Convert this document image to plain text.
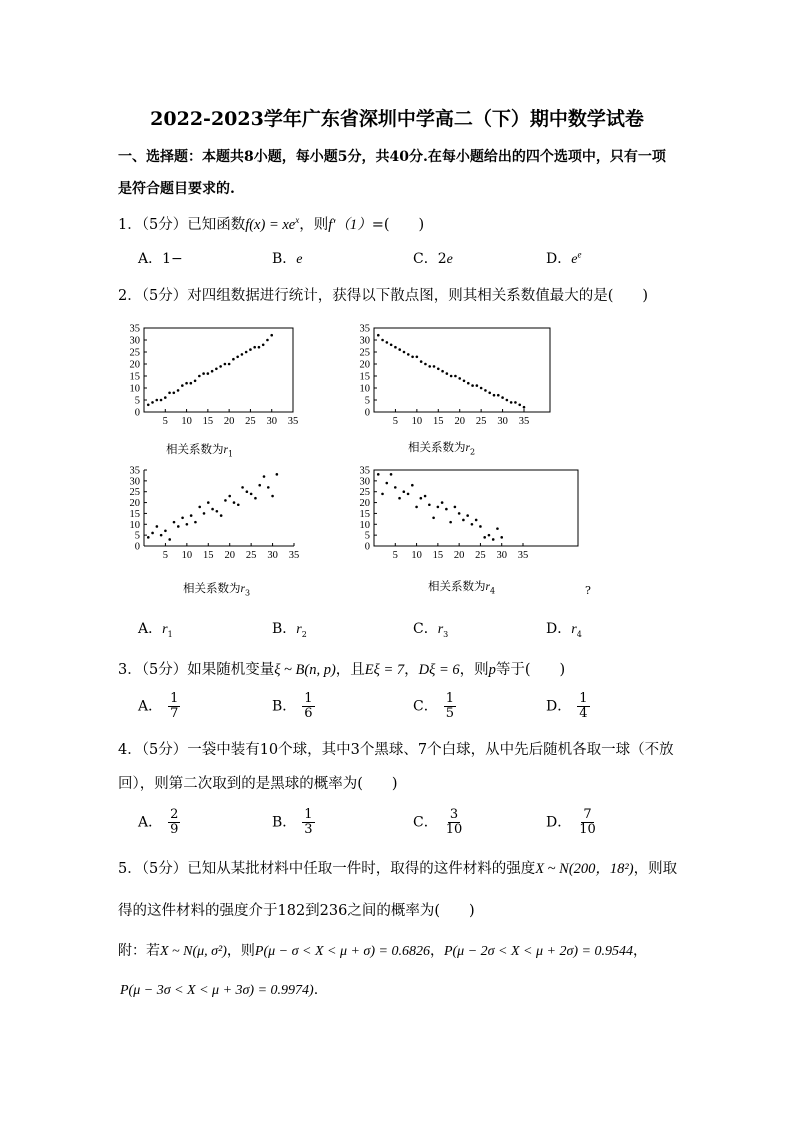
2022-2023学年广东省深圳中学高二（下）期中数学试卷
一、选择题：本题共8小题，每小题5分，共40分.在每小题给出的四个选项中，只有一项
是符合题目要求的.
1．（5分）已知函数$f(x) = xe^x$，则f′（1）=(　　)
A．1−	B．e	C．2e	D．$e^e$
2．（5分）对四组数据进行统计，获得以下散点图，则其相关系数值最大的是(　　)
0
5
10
15
20
25
30
35
5 10 15 20 25 30 35
0
5
10
15
20
25
30
35
5 10 15 20 25 30 35
0
5
10
15
20
25
30
35
5 10 15 20 25 30 35
0
5
10
15
20
25
30
35
5 10 15 20 25 30 35
相关系数为$r_1$	相关系数为$r_2$
相关系数为$r_3$	相关系数为$r_4$	?
A．$r_1$	B．$r_2$	C．$r_3$	D．$r_4$
3．（5分）如果随机变量ξ ~ B(n, p)，且Eξ = 7，Dξ = 6，则p等于(　　)
A． $\frac{1}{7}$	B． $\frac{1}{6}$	C． $\frac{1}{5}$	D． $\frac{1}{4}$
4．（5分）一袋中装有10个球，其中3个黑球、7个白球，从中先后随机各取一球（不放
回），则第二次取到的是黑球的概率为(　　)
A． $\frac{2}{9}$	B． $\frac{1}{3}$	C． $\frac{3}{10}$	D． $\frac{7}{10}$
5．（5分）已知从某批材料中任取一件时，取得的这件材料的强度X ~ N(200，18²)，则取
得的这件材料的强度介于182到236之间的概率为(　　)
附：若X ~ N(μ, σ²)，则P(μ − σ < X < μ + σ) = 0.6826，P(μ − 2σ < X < μ + 2σ) = 0.9544，
P(μ − 3σ < X < μ + 3σ) = 0.9974).
